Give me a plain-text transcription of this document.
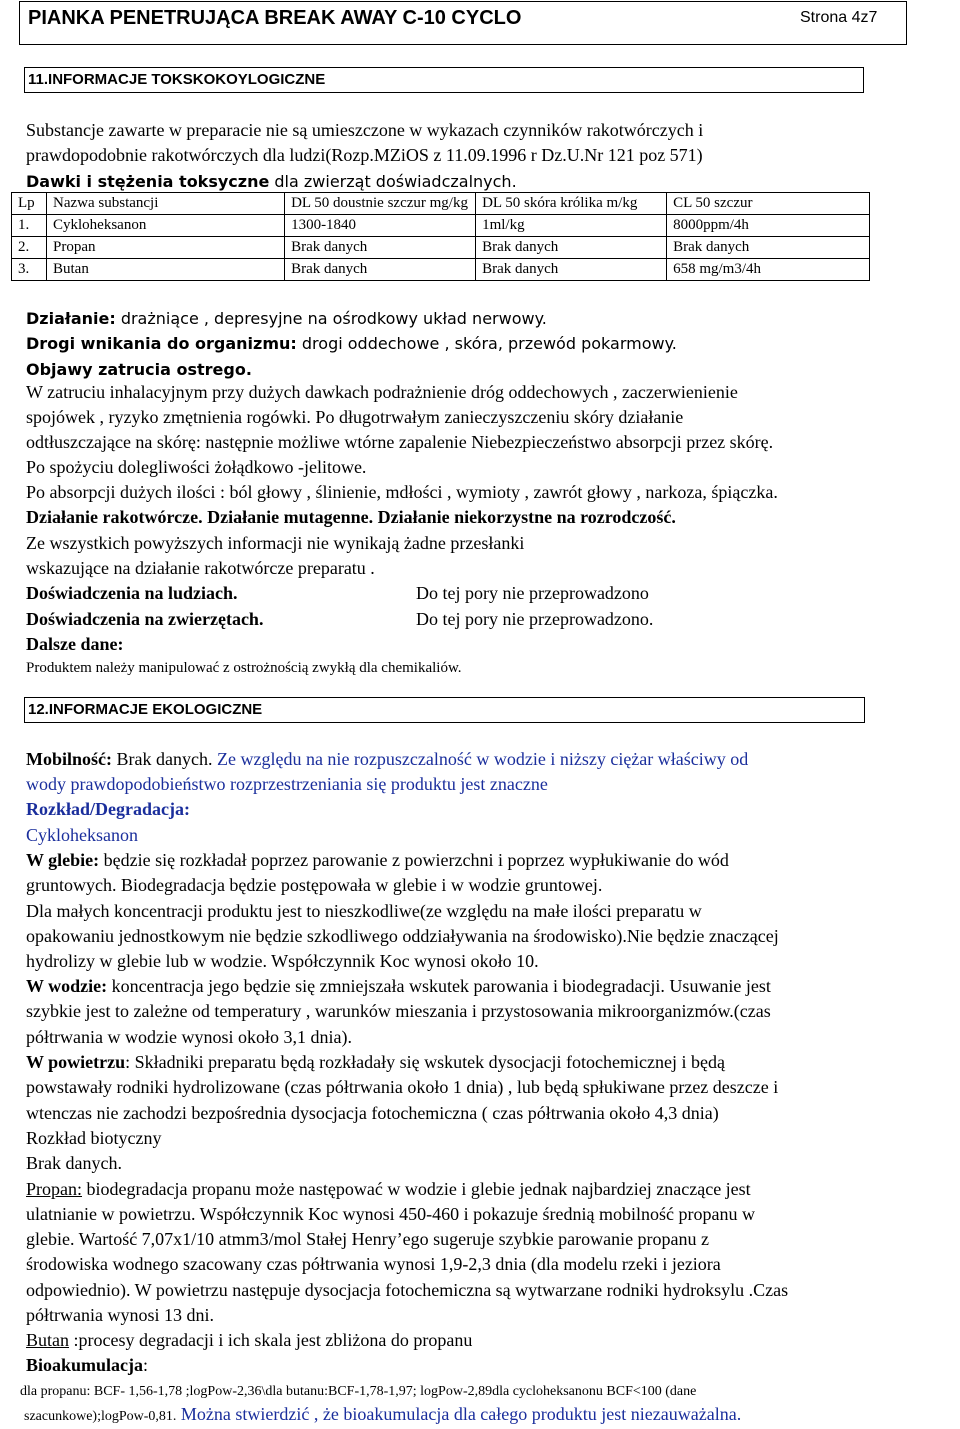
PIANKA PENETRUJĄCA BREAK AWAY C-10 CYCLO	Strona 4z7
11.INFORMACJE TOKSKOKOYLOGICZNE
Substancje zawarte w preparacie nie są umieszczone w wykazach czynników rakotwórczych i
prawdopodobnie rakotwórczych dla ludzi(Rozp.MZiOS z 11.09.1996 r Dz.U.Nr 121 poz 571)
Dawki i stężenia toksyczne dla zwierząt doświadczalnych.
Lp	Nazwa substancji	DL 50 doustnie szczur mg/kg	DL 50 skóra królika m/kg	CL 50 szczur
1.	Cykloheksanon	1300-1840	1ml/kg	8000ppm/4h
2.	Propan	Brak danych	Brak danych	Brak danych
3.	Butan	Brak danych	Brak danych	658 mg/m3/4h
Działanie: drażniące , depresyjne na ośrodkowy układ nerwowy.
Drogi wnikania do organizmu: drogi oddechowe , skóra, przewód pokarmowy.
Objawy zatrucia ostrego.
W zatruciu inhalacyjnym przy dużych dawkach podrażnienie dróg oddechowych , zaczerwienienie
spojówek , ryzyko zmętnienia rogówki. Po długotrwałym zanieczyszczeniu skóry działanie
odtłuszczające na skórę: następnie możliwe wtórne zapalenie Niebezpieczeństwo absorpcji przez skórę.
Po spożyciu dolegliwości żołądkowo -jelitowe.
Po absorpcji dużych ilości : ból głowy , ślinienie, mdłości , wymioty , zawrót głowy , narkoza, śpiączka.
Działanie rakotwórcze. Działanie mutagenne. Działanie niekorzystne na rozrodczość.
Ze wszystkich powyższych informacji nie wynikają żadne przesłanki
wskazujące na działanie rakotwórcze preparatu .
Doświadczenia na ludziach.	Do tej pory nie przeprowadzono
Doświadczenia na zwierzętach.	Do tej pory nie przeprowadzono.
Dalsze dane:
Produktem należy manipulować z ostrożnością zwykłą dla chemikaliów.
12.INFORMACJE EKOLOGICZNE
Mobilność: Brak danych. Ze względu na nie rozpuszczalność w wodzie i niższy ciężar właściwy od
wody prawdopodobieństwo rozprzestrzeniania się produktu jest znaczne
Rozkład/Degradacja:
Cykloheksanon
W glebie: będzie się rozkładał poprzez parowanie z powierzchni i poprzez wypłukiwanie do wód
gruntowych. Biodegradacja będzie postępowała w glebie i w wodzie gruntowej.
Dla małych koncentracji produktu jest to nieszkodliwe(ze względu na małe ilości preparatu w
opakowaniu jednostkowym nie będzie szkodliwego oddziaływania na środowisko).Nie będzie znaczącej
hydrolizy w glebie lub w wodzie. Współczynnik Koc wynosi około 10.
W wodzie: koncentracja jego będzie się zmniejszała wskutek parowania i biodegradacji. Usuwanie jest
szybkie jest to zależne od temperatury , warunków mieszania i przystosowania mikroorganizmów.(czas
półtrwania w wodzie wynosi około 3,1 dnia).
W powietrzu: Składniki preparatu będą rozkładały się wskutek dysocjacji fotochemicznej i będą
powstawały rodniki hydrolizowane (czas półtrwania około 1 dnia) , lub będą spłukiwane przez deszcze i
wtenczas nie zachodzi bezpośrednia dysocjacja fotochemiczna ( czas półtrwania około 4,3 dnia)
Rozkład biotyczny
Brak danych.
Propan: biodegradacja propanu może następować w wodzie i glebie jednak najbardziej znaczące jest
ulatnianie w powietrzu. Współczynnik Koc wynosi 450-460 i pokazuje średnią mobilność propanu w
glebie. Wartość 7,07x1/10 atmm3/mol Stałej Henry’ego sugeruje szybkie parowanie propanu z
środowiska wodnego szacowany czas półtrwania wynosi 1,9-2,3 dnia (dla modelu rzeki i jeziora
odpowiednio). W powietrzu następuje dysocjacja fotochemiczna są wytwarzane rodniki hydroksylu .Czas
półtrwania wynosi 13 dni.
Butan :procesy degradacji i ich skala jest zbliżona do propanu
Bioakumulacja:
dla propanu: BCF- 1,56-1,78 ;logPow-2,36\dla butanu:BCF-1,78-1,97; logPow-2,89dla cycloheksanonu BCF<100 (dane
szacunkowe);logPow-0,81. Można stwierdzić , że bioakumulacja dla całego produktu jest niezauważalna.
